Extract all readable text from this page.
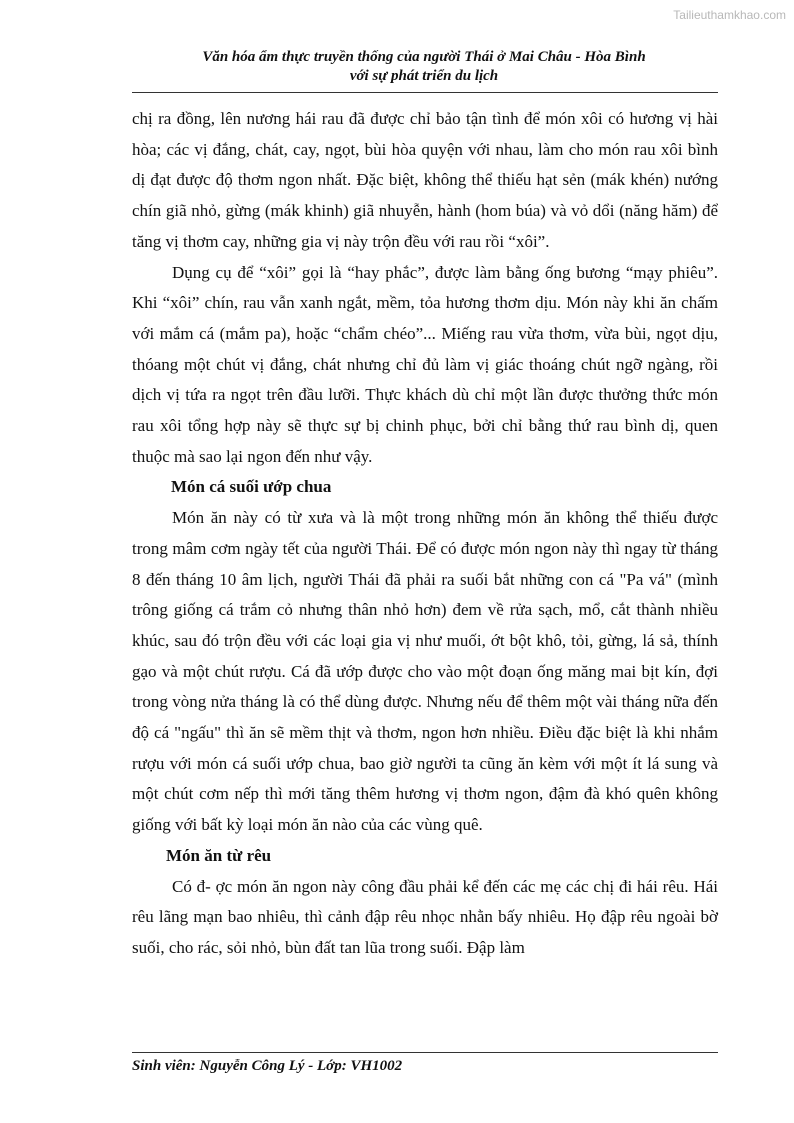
Tailieuthamkhao.com
Văn hóa ẩm thực truyền thống của người Thái ở Mai Châu - Hòa Bình
với sự phát triển du lịch

chị ra đồng, lên nương hái rau đã được chỉ bảo tận tình để món xôi có hương vị hài hòa; các vị đắng, chát, cay, ngọt, bùi hòa quyện với nhau, làm cho món rau xôi bình dị đạt được độ thơm ngon nhất. Đặc biệt, không thể thiếu hạt sẻn (mák khén) nướng chín giã nhỏ, gừng (mák khinh) giã nhuyễn, hành (hom búa) và vỏ dổi (năng hăm) để tăng vị thơm cay, những gia vị này trộn đều với rau rồi “xôi”.

Dụng cụ để “xôi” gọi là “hay phắc”, được làm bằng ống bương “mạy phiêu”. Khi “xôi” chín, rau vẫn xanh ngắt, mềm, tỏa hương thơm dịu. Món này khi ăn chấm với mắm cá (mắm pa), hoặc “chẩm chéo”... Miếng rau vừa thơm, vừa bùi, ngọt dịu, thóang một chút vị đắng, chát nhưng chỉ đủ làm vị giác thoáng chút ngỡ ngàng, rồi dịch vị tứa ra ngọt trên đầu lưỡi. Thực khách dù chỉ một lần được thưởng thức món rau xôi tổng hợp này sẽ thực sự bị chinh phục, bởi chỉ bằng thứ rau bình dị, quen thuộc mà sao lại ngon đến như vậy.

Món cá suối ướp chua

Món ăn này có từ xưa và là một trong những món ăn không thể thiếu được trong mâm cơm ngày tết của người Thái. Để có được món ngon này thì ngay từ tháng 8 đến tháng 10 âm lịch, người Thái đã phải ra suối bắt những con cá "Pa vá" (mình trông giống cá trắm cỏ nhưng thân nhỏ hơn) đem về rửa sạch, mổ, cắt thành nhiều khúc, sau đó trộn đều với các loại gia vị như muối, ớt bột khô, tỏi, gừng, lá sả, thính gạo và một chút rượu. Cá đã ướp được cho vào một đoạn ống măng mai bịt kín, đợi trong vòng nửa tháng là có thể dùng được. Nhưng nếu để thêm một vài tháng nữa đến độ cá "ngấu" thì ăn sẽ mềm thịt và thơm, ngon hơn nhiều. Điều đặc biệt là khi nhắm rượu với món cá suối ướp chua, bao giờ người ta cũng ăn kèm với một ít lá sung và một chút cơm nếp thì mới tăng thêm hương vị thơm ngon, đậm đà khó quên không giống với bất kỳ loại món ăn nào của các vùng quê.

Món ăn từ rêu

Có đ- ợc món ăn ngon này công đầu phải kể đến các mẹ các chị đi hái rêu. Hái rêu lãng mạn bao nhiêu, thì cảnh đập rêu nhọc nhằn bấy nhiêu. Họ đập rêu ngoài bờ suối, cho rác, sỏi nhỏ, bùn đất tan lũa trong suối. Đập làm

Sinh viên: Nguyễn Công Lý - Lớp: VH1002
